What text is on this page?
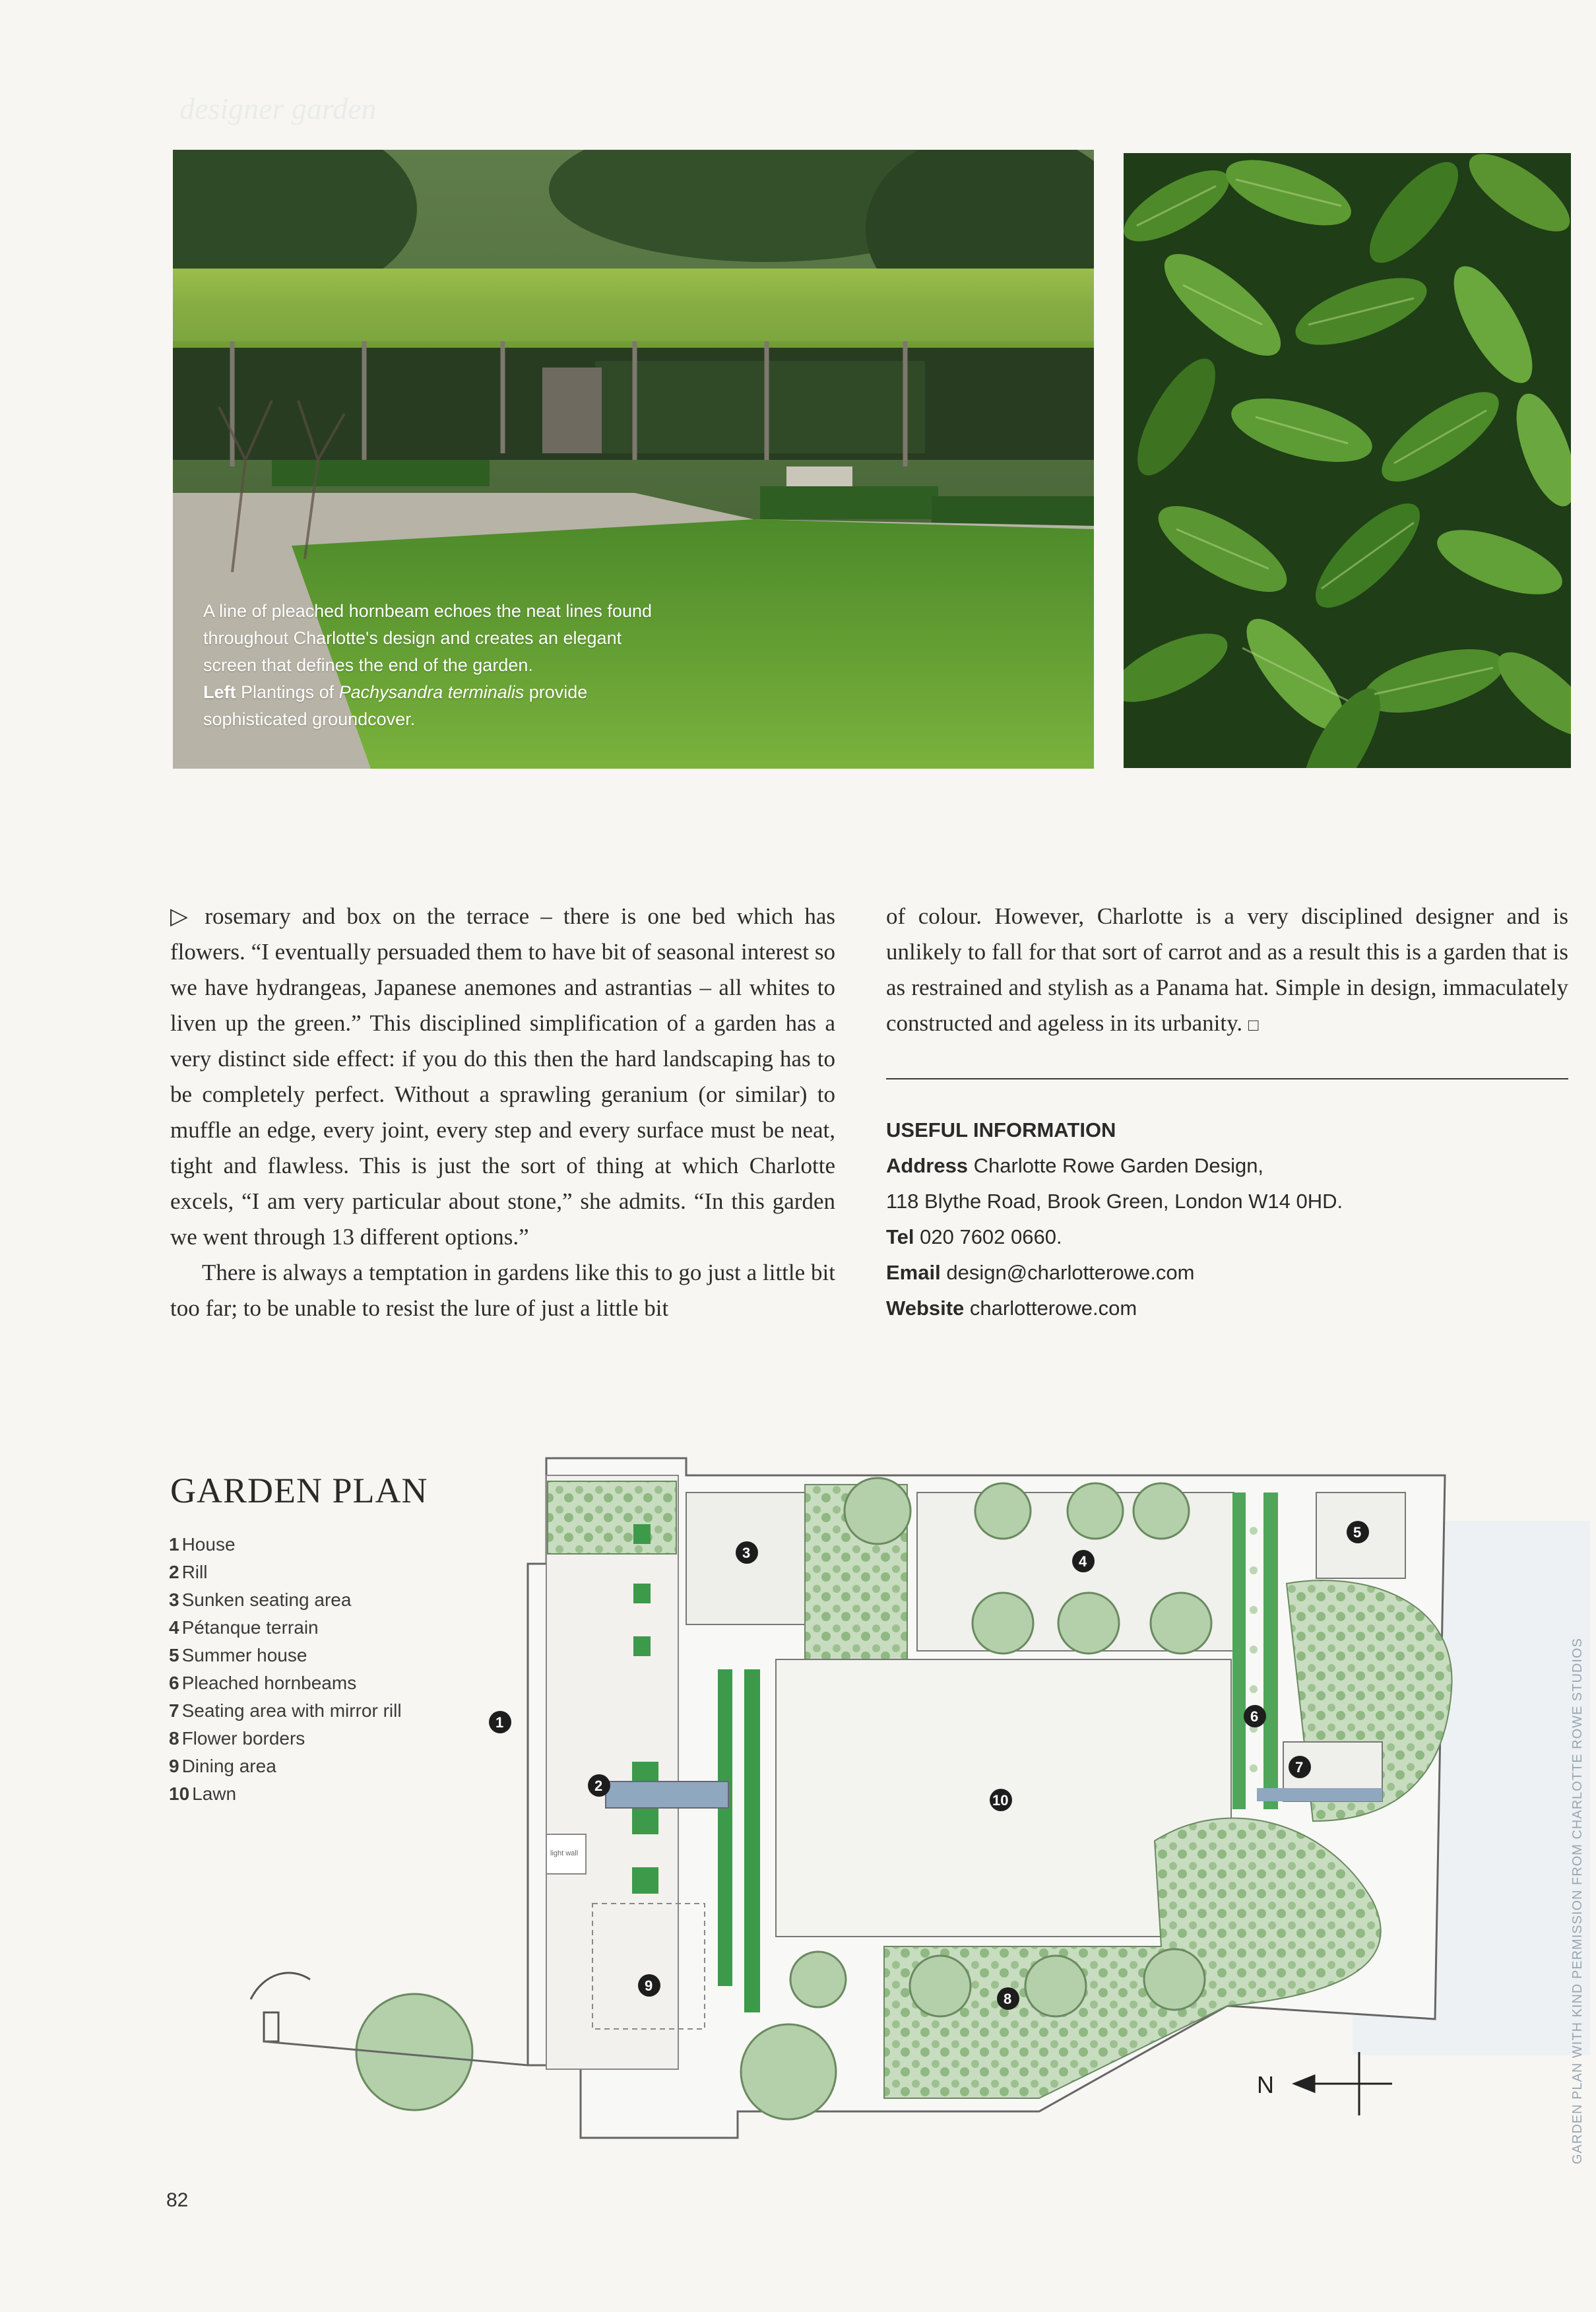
designer garden

A line of pleached hornbeam echoes the neat lines found throughout Charlotte's design and creates an elegant screen that defines the end of the garden.

Left Plantings of Pachysandra terminalis provide sophisticated groundcover.

▷ rosemary and box on the terrace – there is one bed which has flowers. “I eventually persuaded them to have bit of seasonal interest so we have hydrangeas, Japanese anemones and astrantias – all whites to liven up the green.” This disciplined simplification of a garden has a very distinct side effect: if you do this then the hard landscaping has to be completely perfect. Without a sprawling geranium (or similar) to muffle an edge, every joint, every step and every surface must be neat, tight and flawless. This is just the sort of thing at which Charlotte excels, “I am very particular about stone,” she admits. “In this garden we went through 13 different options.”

There is always a temptation in gardens like this to go just a little bit too far; to be unable to resist the lure of just a little bit

of colour. However, Charlotte is a very disciplined designer and is unlikely to fall for that sort of carrot and as a result this is a garden that is as restrained and stylish as a Panama hat. Simple in design, immaculately constructed and ageless in its urbanity. □

USEFUL INFORMATION
Address Charlotte Rowe Garden Design,
118 Blythe Road, Brook Green, London W14 0HD.
Tel 020 7602 0660.
Email design@charlotterowe.com
Website charlotterowe.com
GARDEN PLAN
1 House
2 Rill
3 Sunken seating area
4 Pétanque terrain
5 Summer house
6 Pleached hornbeams
7 Seating area with mirror rill
8 Flower borders
9 Dining area
10 Lawn
light wall
1
2
3
4
5
6
7
8
9
10
N
82
GARDEN PLAN WITH KIND PERMISSION FROM CHARLOTTE ROWE STUDIOS
